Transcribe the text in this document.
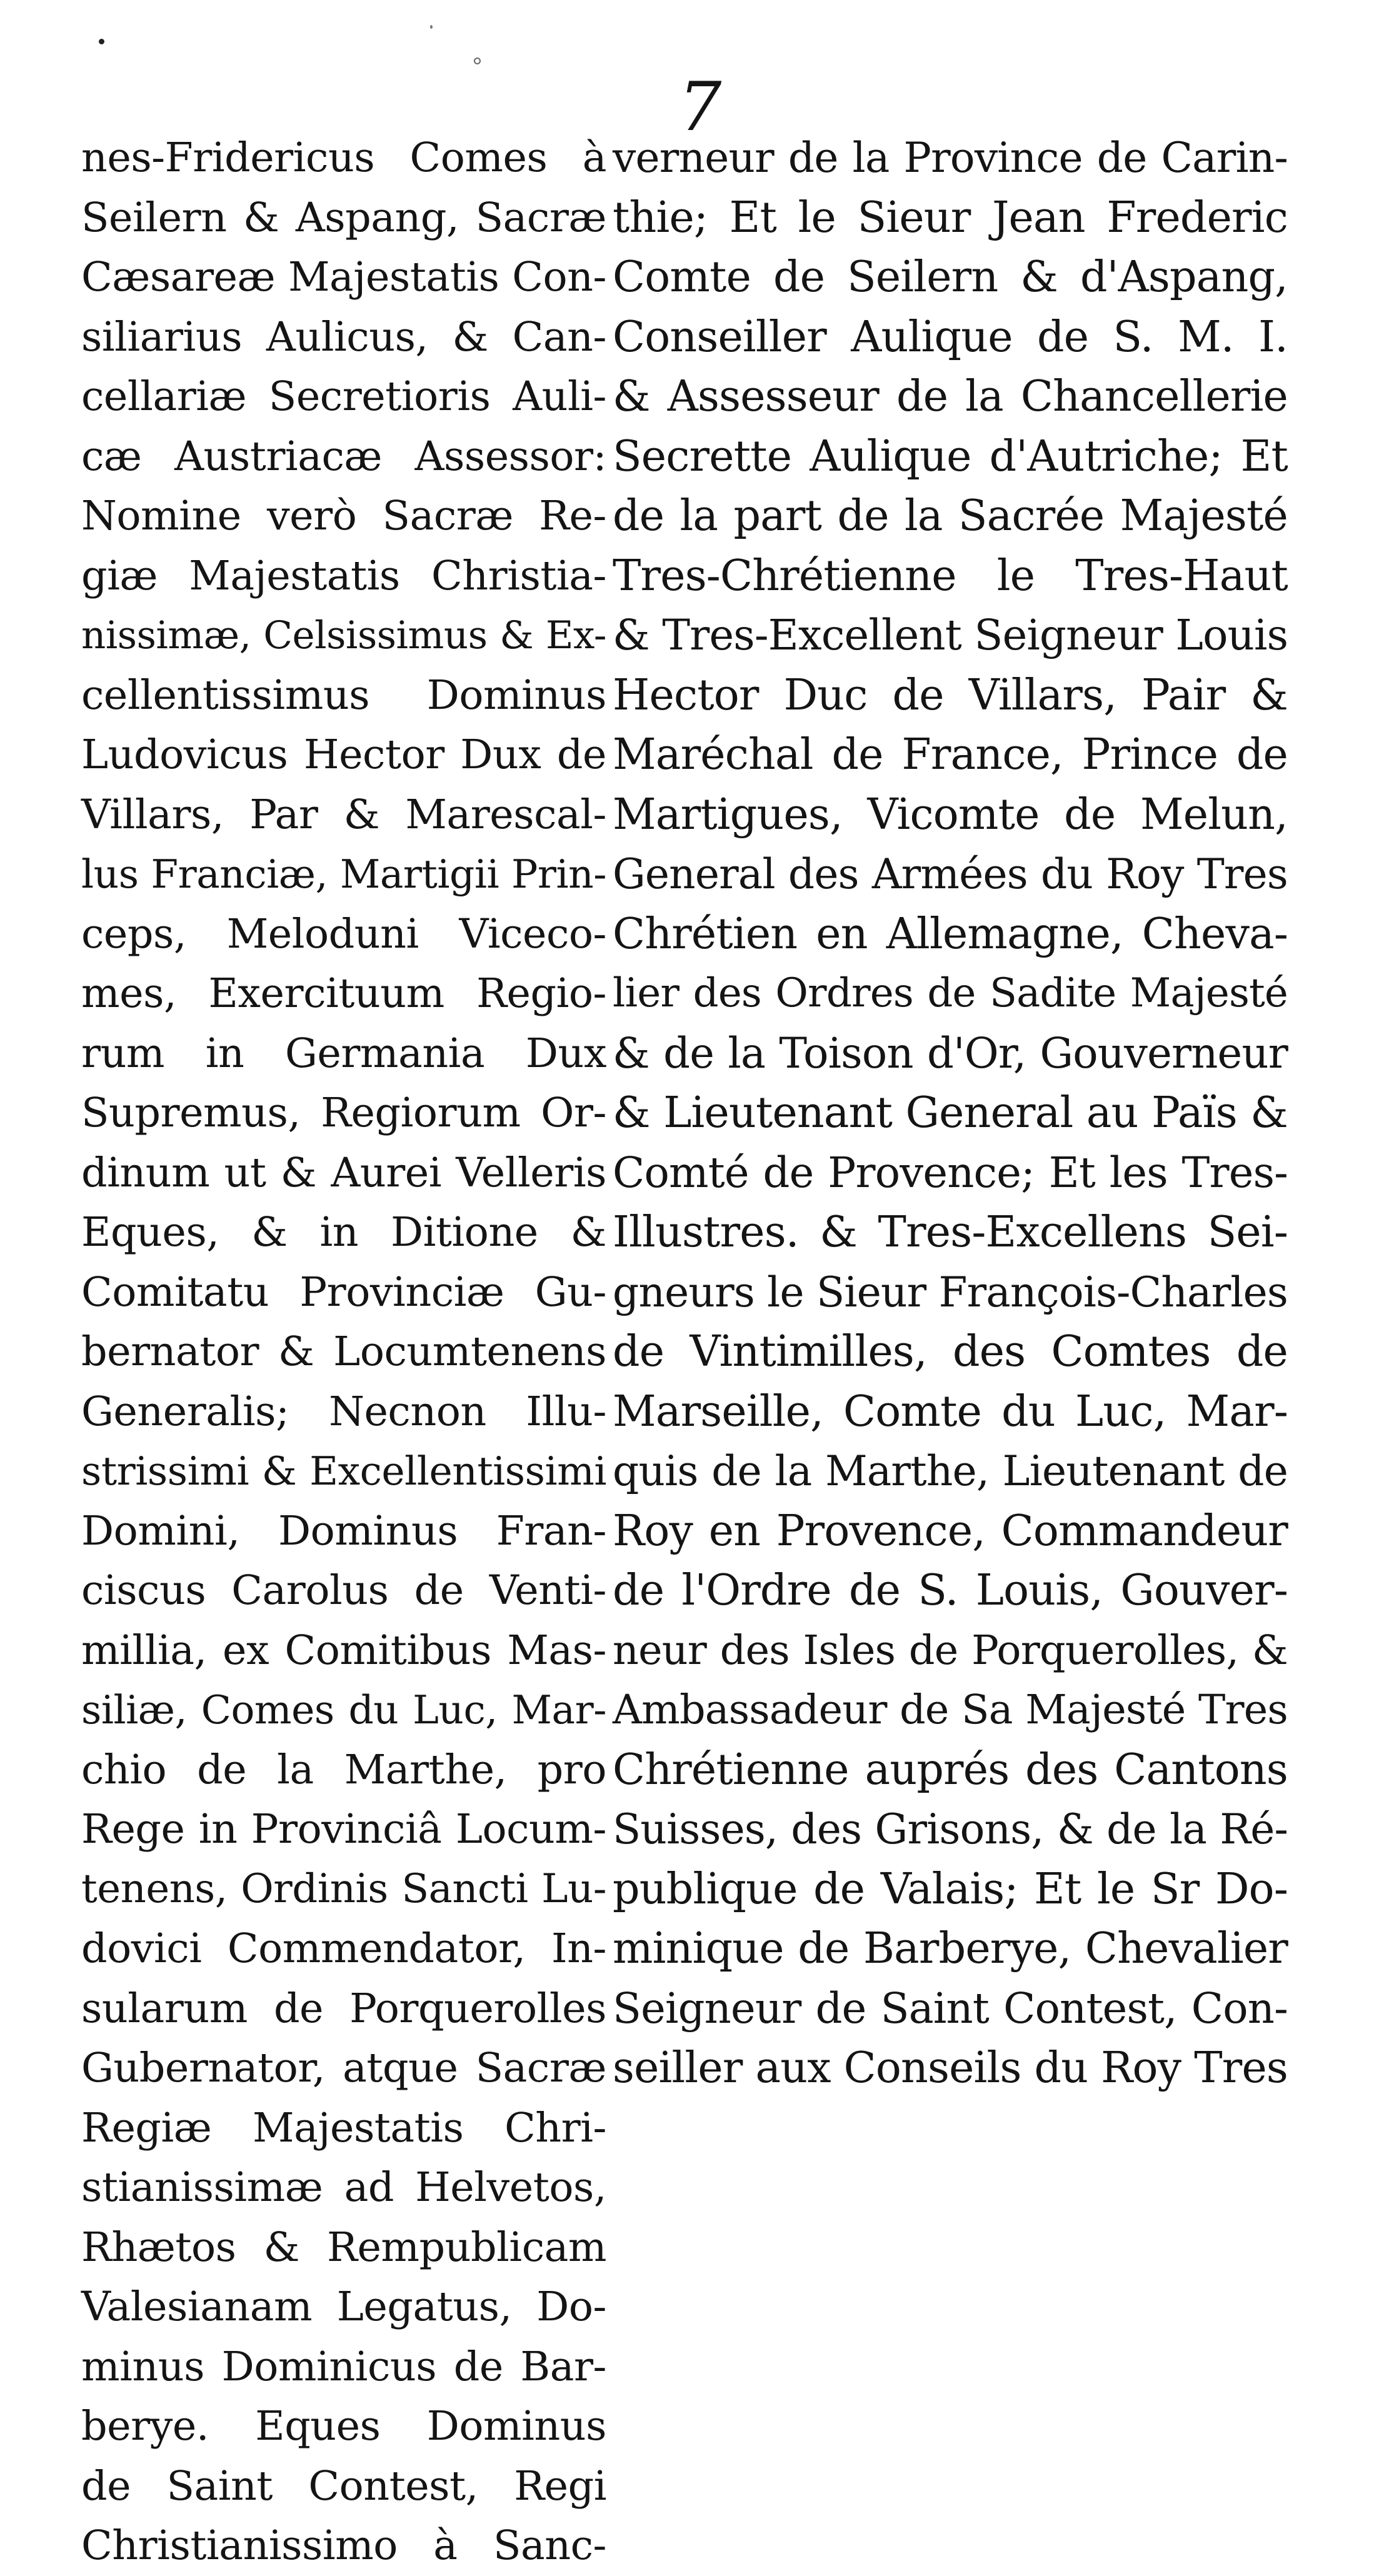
7
nes-Fridericus Comes à
Seilern & Aspang, Sacræ
Cæsareæ Majestatis Con-
siliarius Aulicus, & Can-
cellariæ Secretioris Auli-
cæ Austriacæ Assessor:
Nomine verò Sacræ Re-
giæ Majestatis Christia-
nissimæ, Celsissimus & Ex-
cellentissimus Dominus
Ludovicus Hector Dux de
Villars, Par & Marescal-
lus Franciæ, Martigii Prin-
ceps, Meloduni Viceco-
mes, Exercituum Regio-
rum in Germania Dux
Supremus, Regiorum Or-
dinum ut & Aurei Velleris
Eques, & in Ditione &
Comitatu Provinciæ Gu-
bernator & Locumtenens
Generalis; Necnon Illu-
strissimi & Excellentissimi
Domini, Dominus Fran-
ciscus Carolus de Venti-
millia, ex Comitibus Mas-
siliæ, Comes du Luc, Mar-
chio de la Marthe, pro
Rege in Provinciâ Locum-
tenens, Ordinis Sancti Lu-
dovici Commendator, In-
sularum de Porquerolles
Gubernator, atque Sacræ
Regiæ Majestatis Chri-
stianissimæ ad Helvetos,
Rhætos & Rempublicam
Valesianam Legatus, Do-
minus Dominicus de Bar-
berye. Eques Dominus
de Saint Contest, Regi
Christianissimo à Sanc-
verneur de la Province de Carin-
thie; Et le Sieur Jean Frederic
Comte de Seilern & d'Aspang,
Conseiller Aulique de S. M. I.
& Assesseur de la Chancellerie
Secrette Aulique d'Autriche; Et
de la part de la Sacrée Majesté
Tres-Chrétienne le Tres-Haut
& Tres-Excellent Seigneur Louis
Hector Duc de Villars, Pair &
Maréchal de France, Prince de
Martigues, Vicomte de Melun,
General des Armées du Roy Tres
Chrétien en Allemagne, Cheva-
lier des Ordres de Sadite Majesté
& de la Toison d'Or, Gouverneur
& Lieutenant General au Païs &
Comté de Provence; Et les Tres-
Illustres. & Tres-Excellens Sei-
gneurs le Sieur François-Charles
de Vintimilles, des Comtes de
Marseille, Comte du Luc, Mar-
quis de la Marthe, Lieutenant de
Roy en Provence, Commandeur
de l'Ordre de S. Louis, Gouver-
neur des Isles de Porquerolles, &
Ambassadeur de Sa Majesté Tres
Chrétienne auprés des Cantons
Suisses, des Grisons, & de la Ré-
publique de Valais; Et le Sr Do-
minique de Barberye, Chevalier
Seigneur de Saint Contest, Con-
seiller aux Conseils du Roy Tres
